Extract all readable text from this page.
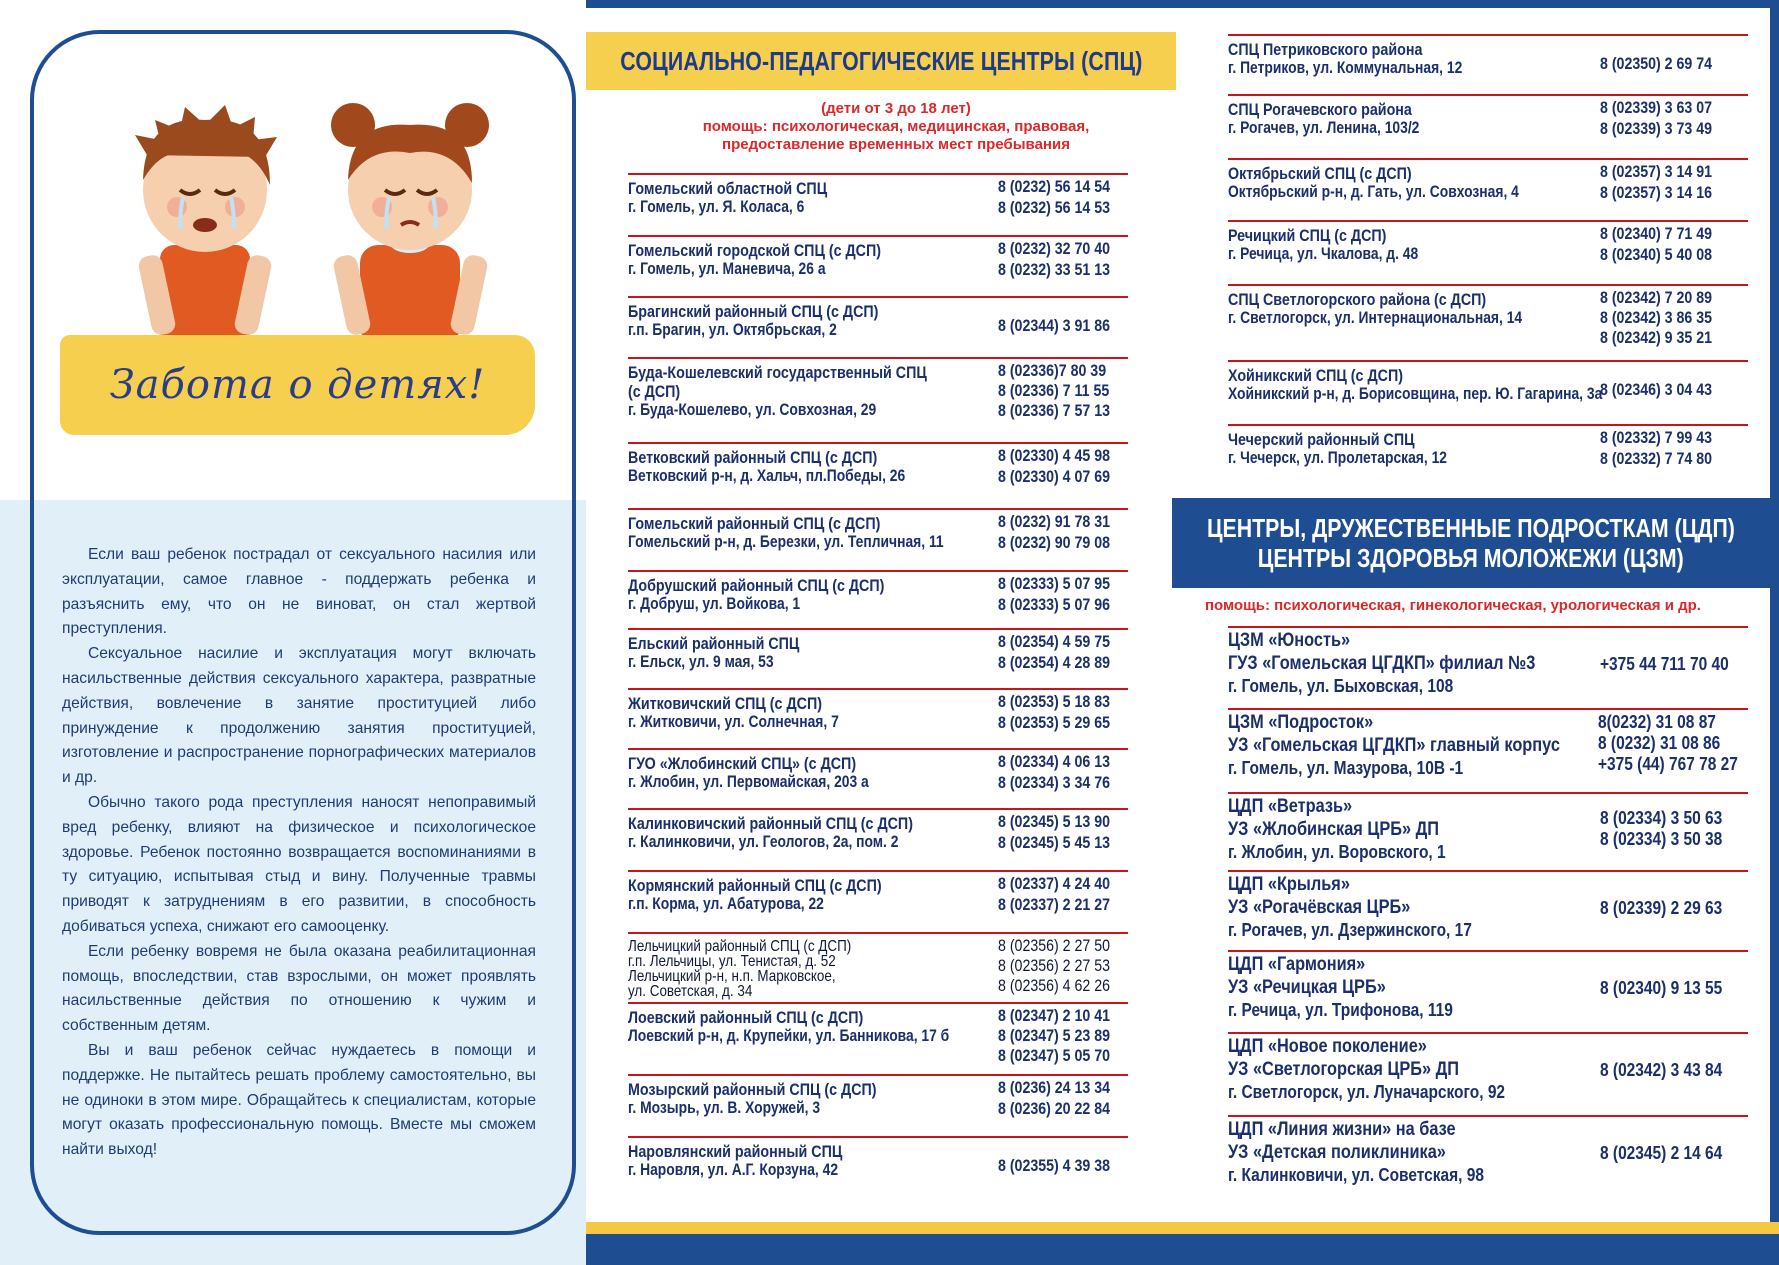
Забота о детях!

Если ваш ребенок пострадал от сексуального насилия или эксплуатации, самое главное - поддержать ребенка и разъяснить ему, что он не виноват, он стал жертвой преступления.

Сексуальное насилие и эксплуатация могут включать насильственные действия сексуального характера, развратные действия, вовлечение в занятие проституцией либо принуждение к продолжению занятия проституцией, изготовление и распространение порнографических материалов и др.

Обычно такого рода преступления наносят непоправимый вред ребенку, влияют на физическое и психологическое здоровье. Ребенок постоянно возвращается воспоминаниями в ту ситуацию, испытывая стыд и вину. Полученные травмы приводят к затруднениям в его развитии, в способность добиваться успеха, снижают его самооценку.

Если ребенку вовремя не была оказана реабилитационная помощь, впоследствии, став взрослыми, он может проявлять насильственные действия по отношению к чужим и собственным детям.

Вы и ваш ребенок сейчас нуждаетесь в помощи и поддержке. Не пытайтесь решать проблему самостоятельно, вы не одиноки в этом мире. Обращайтесь к специалистам, которые могут оказать профессиональную помощь. Вместе мы сможем найти выход!

СОЦИАЛЬНО-ПЕДАГОГИЧЕСКИЕ ЦЕНТРЫ (СПЦ)
(дети от 3 до 18 лет)
помощь: психологическая, медицинская, правовая,
предоставление временных мест пребывания
Гомельский областной СПЦ
г. Гомель, ул. Я. Коласа, 6
8 (0232) 56 14 54
8 (0232) 56 14 53
Гомельский городской СПЦ (с ДСП)
г. Гомель, ул. Маневича, 26 а
8 (0232) 32 70 40
8 (0232) 33 51 13
Брагинский районный СПЦ (с ДСП)
г.п. Брагин, ул. Октябрьская, 2	8 (02344) 3 91 86
Буда-Кошелевский государственный СПЦ
(с ДСП)
г. Буда-Кошелево, ул. Совхозная, 29
8 (02336)7 80 39
8 (02336) 7 11 55
8 (02336) 7 57 13
Ветковский районный СПЦ (с ДСП)
Ветковский р-н, д. Хальч, пл.Победы, 26
8 (02330) 4 45 98
8 (02330) 4 07 69
Гомельский районный СПЦ (с ДСП)
Гомельский р-н, д. Березки, ул. Тепличная, 11
8 (0232) 91 78 31
8 (0232) 90 79 08
Добрушский районный СПЦ (с ДСП)
г. Добруш, ул. Войкова, 1
8 (02333) 5 07 95
8 (02333) 5 07 96
Ельский районный СПЦ
г. Ельск, ул. 9 мая, 53
8 (02354) 4 59 75
8 (02354) 4 28 89
Житковичский СПЦ (с ДСП)
г. Житковичи, ул. Солнечная, 7
8 (02353) 5 18 83
8 (02353) 5 29 65
ГУО «Жлобинский СПЦ» (с ДСП)
г. Жлобин, ул. Первомайская, 203 а
8 (02334) 4 06 13
8 (02334) 3 34 76
Калинковичский районный СПЦ (с ДСП)
г. Калинковичи, ул. Геологов, 2а, пом. 2
8 (02345) 5 13 90
8 (02345) 5 45 13
Кормянский районный СПЦ (с ДСП)
г.п. Корма, ул. Абатурова, 22
8 (02337) 4 24 40
8 (02337) 2 21 27
Лельчицкий районный СПЦ (с ДСП)
г.п. Лельчицы, ул. Тенистая, д. 52
Лельчицкий р-н, н.п. Марковское,
ул. Советская, д. 34
8 (02356) 2 27 50
8 (02356) 2 27 53
8 (02356) 4 62 26
Лоевский районный СПЦ (с ДСП)
Лоевский р-н, д. Крупейки, ул. Банникова, 17 б
8 (02347) 2 10 41
8 (02347) 5 23 89
8 (02347) 5 05 70
Мозырский районный СПЦ (с ДСП)
г. Мозырь, ул. В. Хоружей, 3
8 (0236) 24 13 34
8 (0236) 20 22 84
Наровлянский районный СПЦ
г. Наровля, ул. А.Г. Корзуна, 42	8 (02355) 4 39 38
СПЦ Петриковского района
г. Петриков, ул. Коммунальная, 12	8 (02350) 2 69 74
СПЦ Рогачевского района
г. Рогачев, ул. Ленина, 103/2
8 (02339) 3 63 07
8 (02339) 3 73 49
Октябрьский СПЦ (с ДСП)
Октябрьский р-н, д. Гать, ул. Совхозная, 4
8 (02357) 3 14 91
8 (02357) 3 14 16
Речицкий СПЦ (с ДСП)
г. Речица, ул. Чкалова, д. 48
8 (02340) 7 71 49
8 (02340) 5 40 08
СПЦ Светлогорского района (с ДСП)
г. Светлогорск, ул. Интернациональная, 14
8 (02342) 7 20 89
8 (02342) 3 86 35
8 (02342) 9 35 21
Хойникский СПЦ (с ДСП)
Хойникский р-н, д. Борисовщина, пер. Ю. Гагарина, 3а
8 (02346) 3 04 43
Чечерский районный СПЦ
г. Чечерск, ул. Пролетарская, 12
8 (02332) 7 99 43
8 (02332) 7 74 80
ЦЕНТРЫ, ДРУЖЕСТВЕННЫЕ ПОДРОСТКАМ (ЦДП)
ЦЕНТРЫ ЗДОРОВЬЯ МОЛОЖЕЖИ (ЦЗМ)
помощь: психологическая, гинекологическая, урологическая и др.
ЦЗМ «Юность»
ГУЗ «Гомельская ЦГДКП» филиал №3
г. Гомель, ул. Быховская, 108
+375 44 711 70 40
ЦЗМ «Подросток»
УЗ «Гомельская ЦГДКП» главный корпус
г. Гомель, ул. Мазурова, 10В -1
8(0232) 31 08 87
8 (0232) 31 08 86
+375 (44) 767 78 27
ЦДП «Ветразь»
УЗ «Жлобинская ЦРБ» ДП
г. Жлобин, ул. Воровского, 1
8 (02334) 3 50 63
8 (02334) 3 50 38
ЦДП «Крылья»
УЗ «Рогачёвская ЦРБ»
г. Рогачев, ул. Дзержинского, 17
8 (02339) 2 29 63
ЦДП «Гармония»
УЗ «Речицкая ЦРБ»
г. Речица, ул. Трифонова, 119
8 (02340) 9 13 55
ЦДП «Новое поколение»
УЗ «Светлогорская ЦРБ» ДП
г. Светлогорск, ул. Луначарского, 92
8 (02342) 3 43 84
ЦДП «Линия жизни» на базе
УЗ «Детская поликлиника»
г. Калинковичи, ул. Советская, 98
8 (02345) 2 14 64
